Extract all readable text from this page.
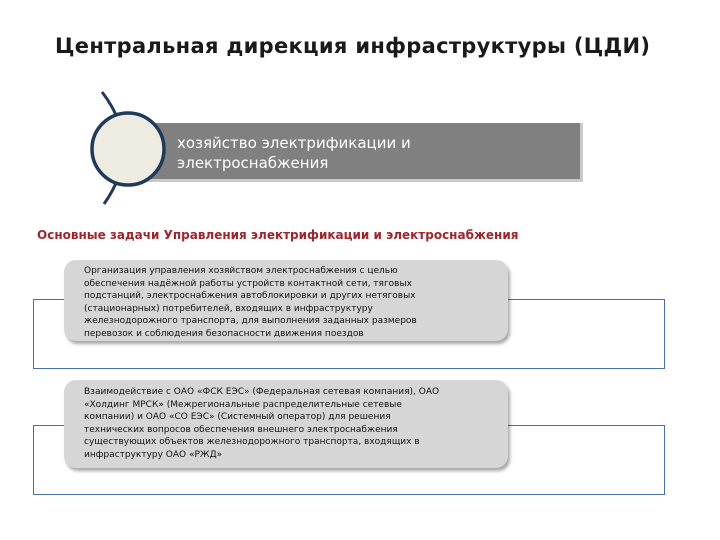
Центральная дирекция инфраструктуры (ЦДИ)
хозяйство электрификации и
электроснабжения
Основные задачи Управления электрификации и электроснабжения
Организация управления хозяйством электроснабжения с целью
обеспечения надёжной работы устройств контактной сети, тяговых
подстанций, электроснабжения автоблокировки и других нетяговых
(стационарных) потребителей, входящих в инфраструктуру
железнодорожного транспорта, для выполнения заданных размеров
перевозок и соблюдения безопасности движения поездов
Взаимодействие с ОАО «ФСК ЕЭС» (Федеральная сетевая компания), ОАО
«Холдинг МРСК» (Межрегиональные распределительные сетевые
компании) и ОАО «СО ЕЭС» (Системный оператор) для решения
технических вопросов обеспечения внешнего электроснабжения
существующих объектов железнодорожного транспорта, входящих в
инфраструктуру ОАО «РЖД»
